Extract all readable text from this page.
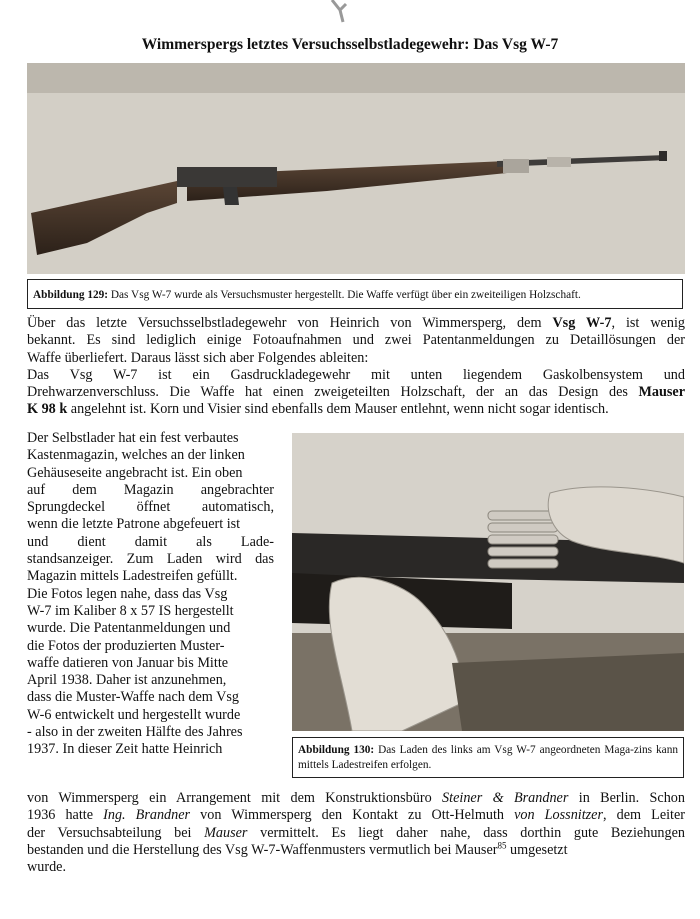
Wimmerspergs letztes Versuchsselbstladegewehr: Das Vsg W-7
Abbildung 129: Das Vsg W-7 wurde als Versuchsmuster hergestellt. Die Waffe verfügt über ein zweiteiligen Holzschaft.
Über das letzte Versuchsselbstladegewehr von Heinrich von Wimmersperg, dem Vsg W-7, ist wenig
bekannt. Es sind lediglich einige Fotoaufnahmen und zwei Patentanmeldungen zu Detaillösungen der
Waffe überliefert. Daraus lässt sich aber Folgendes ableiten:
Das Vsg W-7 ist ein Gasdruckladegewehr mit unten liegendem Gaskolbensystem und
Drehwarzenverschluss. Die Waffe hat einen zweigeteilten Holzschaft, der an das Design des Mauser
K 98 k angelehnt ist. Korn und Visier sind ebenfalls dem Mauser entlehnt, wenn nicht sogar identisch.
Der Selbstlader hat ein fest verbautes
Kastenmagazin, welches an der linken
Gehäuseseite angebracht ist. Ein oben
auf dem Magazin angebrachter
Sprungdeckel öffnet automatisch,
wenn die letzte Patrone abgefeuert ist
und dient damit als Lade-
standsanzeiger. Zum Laden wird das
Magazin mittels Ladestreifen gefüllt.
Die Fotos legen nahe, dass das Vsg
W-7 im Kaliber 8 x 57 IS hergestellt
wurde. Die Patentanmeldungen und
die Fotos der produzierten Muster-
waffe datieren von Januar bis Mitte
April 1938. Daher ist anzunehmen,
dass die Muster-Waffe nach dem Vsg
W-6 entwickelt und hergestellt wurde
- also in der zweiten Hälfte des Jahres
1937. In dieser Zeit hatte Heinrich	Abbildung 130: Das Laden des links am Vsg W-7 angeordneten Maga-zins kann mittels Ladestreifen erfolgen.
von Wimmersperg ein Arrangement mit dem Konstruktionsbüro Steiner & Brandner in Berlin. Schon
1936 hatte Ing. Brandner von Wimmersperg den Kontakt zu Ott-Helmuth von Lossnitzer, dem Leiter
der Versuchsabteilung bei Mauser vermittelt. Es liegt daher nahe, dass dorthin gute Beziehungen
bestanden und die Herstellung des Vsg W-7-Waffenmusters vermutlich bei Mauser$^{85}$ umgesetzt
wurde.
